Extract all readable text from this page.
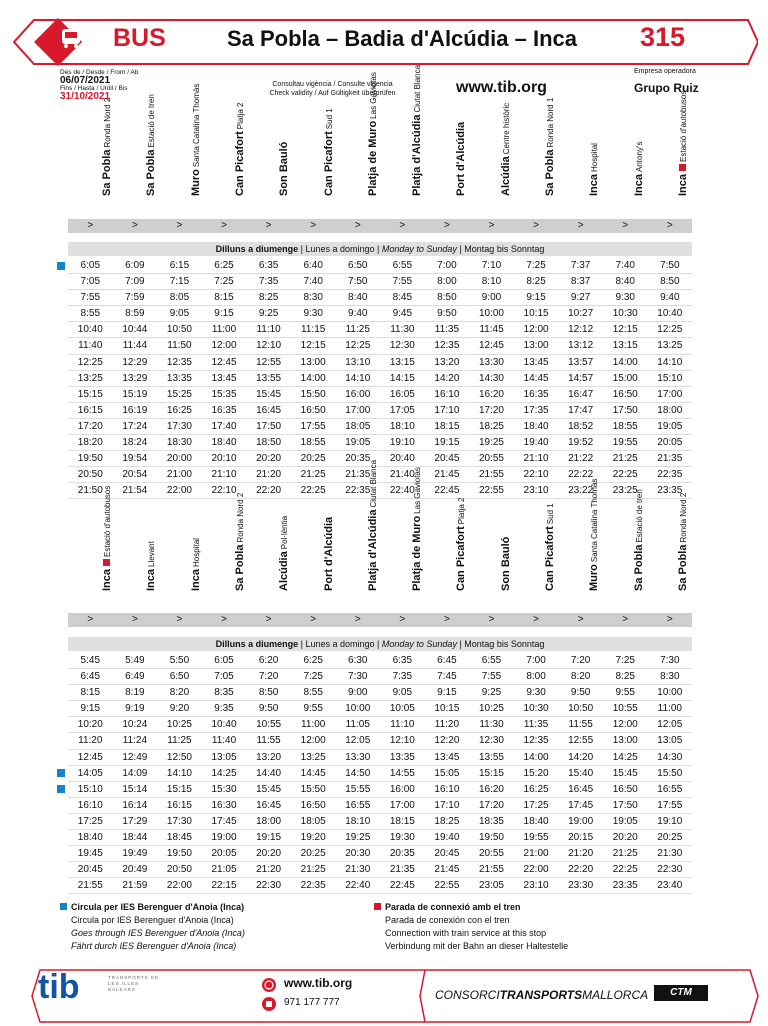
BUS	Sa Pobla – Badia d'Alcúdia – Inca	315
Des de / Desde / From / Ab
06/07/2021
Fins / Hasta / Until / Bis
31/10/2021
Consultau vigència / Consulte vigencia
Check validity / Auf Gültigkeit überprüfen	www.tib.org
Empresa operadora
Grupo Ruiz
Sa PoblaRonda Nord 2
Sa PoblaEstació de tren
MuroSanta Catalina Thomàs	Can PicafortPlatja 2
Son Bauló	Can PicafortSud 1
Platja de MuroLas Gaviotas
Platja d'AlcúdiaCiutat Blanca
Port d'Alcúdia	AlcúdiaCentre històric
Sa PoblaRonda Nord 1
IncaHospital
IncaAntony's
IncaEstació d'autobusos
>	>	>	>	>	>	>	>	>	>	>	>	>	>
Dilluns a diumenge | Lunes a domingo | Monday to Sunday | Montag bis Sonntag
6:05	6:09	6:15	6:25	6:35	6:40	6:50	6:55	7:00	7:10	7:25	7:37	7:40	7:50
7:05	7:09	7:15	7:25	7:35	7:40	7:50	7:55	8:00	8:10	8:25	8:37	8:40	8:50
7:55	7:59	8:05	8:15	8:25	8:30	8:40	8:45	8:50	9:00	9:15	9:27	9:30	9:40
8:55	8:59	9:05	9:15	9:25	9:30	9:40	9:45	9:50	10:00	10:15	10:27	10:30	10:40
10:40	10:44	10:50	11:00	11:10	11:15	11:25	11:30	11:35	11:45	12:00	12:12	12:15	12:25
11:40	11:44	11:50	12:00	12:10	12:15	12:25	12:30	12:35	12:45	13:00	13:12	13:15	13:25
12:25	12:29	12:35	12:45	12:55	13:00	13:10	13:15	13:20	13:30	13:45	13:57	14:00	14:10
13:25	13:29	13:35	13:45	13:55	14:00	14:10	14:15	14:20	14:30	14:45	14:57	15:00	15:10
15:15	15:19	15:25	15:35	15:45	15:50	16:00	16:05	16:10	16:20	16:35	16:47	16:50	17:00
16:15	16:19	16:25	16:35	16:45	16:50	17:00	17:05	17:10	17:20	17:35	17:47	17:50	18:00
17:20	17:24	17:30	17:40	17:50	17:55	18:05	18:10	18:15	18:25	18:40	18:52	18:55	19:05
18:20	18:24	18:30	18:40	18:50	18:55	19:05	19:10	19:15	19:25	19:40	19:52	19:55	20:05
19:50	19:54	20:00	20:10	20:20	20:25	20:35	20:40	20:45	20:55	21:10	21:22	21:25	21:35
20:50	20:54	21:00	21:10	21:20	21:25	21:35	21:40	21:45	21:55	22:10	22:22	22:25	22:35
21:50	21:54	22:00	22:10	22:20	22:25	22:35	22:40	22:45	22:55	23:10	23:22	23:25	23:35
IncaEstació d'autobusos
IncaLlevant
IncaHospital	Sa PoblaRonda Nord 2
AlcúdiaPol·lèntia	Port d'Alcúdia	Platja d'AlcúdiaCiutat Blanca
Platja de MuroLas Gaviotas
Can PicafortPlatja 2
Son Bauló	Can PicafortSud 1
MuroSanta Catalina Thomàs
Sa PoblaEstació de tren
Sa PoblaRonda Nord 2
>	>	>	>	>	>	>	>	>	>	>	>	>	>
Dilluns a diumenge | Lunes a domingo | Monday to Sunday | Montag bis Sonntag
5:45	5:49	5:50	6:05	6:20	6:25	6:30	6:35	6:45	6:55	7:00	7:20	7:25	7:30
6:45	6:49	6:50	7:05	7:20	7:25	7:30	7:35	7:45	7:55	8:00	8:20	8:25	8:30
8:15	8:19	8:20	8:35	8:50	8:55	9:00	9:05	9:15	9:25	9:30	9:50	9:55	10:00
9:15	9:19	9:20	9:35	9:50	9:55	10:00	10:05	10:15	10:25	10:30	10:50	10:55	11:00
10:20	10:24	10:25	10:40	10:55	11:00	11:05	11:10	11:20	11:30	11:35	11:55	12:00	12:05
11:20	11:24	11:25	11:40	11:55	12:00	12:05	12:10	12:20	12:30	12:35	12:55	13:00	13:05
12:45	12:49	12:50	13:05	13:20	13:25	13:30	13:35	13:45	13:55	14:00	14:20	14:25	14:30
14:05	14:09	14:10	14:25	14:40	14:45	14:50	14:55	15:05	15:15	15:20	15:40	15:45	15:50
15:10	15:14	15:15	15:30	15:45	15:50	15:55	16:00	16:10	16:20	16:25	16:45	16:50	16:55
16:10	16:14	16:15	16:30	16:45	16:50	16:55	17:00	17:10	17:20	17:25	17:45	17:50	17:55
17:25	17:29	17:30	17:45	18:00	18:05	18:10	18:15	18:25	18:35	18:40	19:00	19:05	19:10
18:40	18:44	18:45	19:00	19:15	19:20	19:25	19:30	19:40	19:50	19:55	20:15	20:20	20:25
19:45	19:49	19:50	20:05	20:20	20:25	20:30	20:35	20:45	20:55	21:00	21:20	21:25	21:30
20:45	20:49	20:50	21:05	21:20	21:25	21:30	21:35	21:45	21:55	22:00	22:20	22:25	22:30
21:55	21:59	22:00	22:15	22:30	22:35	22:40	22:45	22:55	23:05	23:10	23:30	23:35	23:40
Circula per IES Berenguer d'Anoia (Inca)
Circula por IES Berenguer d'Anoia (Inca)
Goes through IES Berenguer d'Anoia (Inca)
Fährt durch IES Berenguer d'Anoia (Inca)
Parada de connexió amb el tren
Parada de conexión con el tren
Connection with train service at this stop
Verbindung mit der Bahn an dieser Haltestelle
tib	TRANSPORTS DE LES ILLES BALEARS	www.tib.org
971 177 777
CONSORCITRANSPORTSMALLORCA	CTM
